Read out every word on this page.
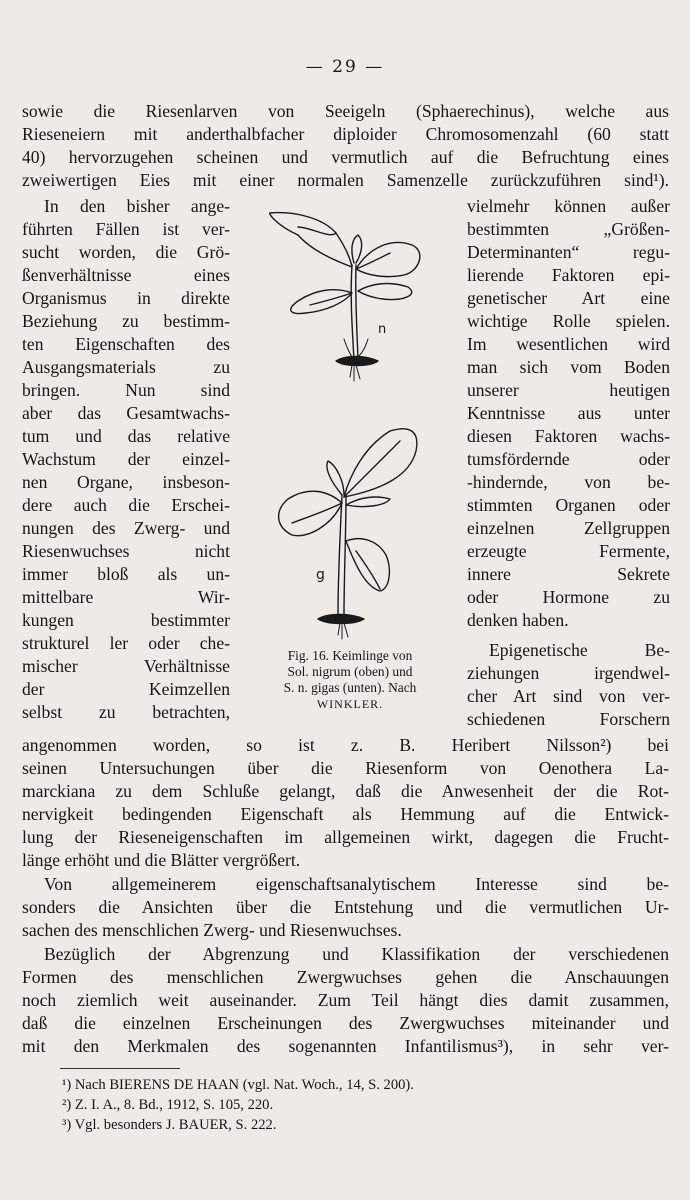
— 29 —
sowie die Riesenlarven von Seeigeln (Sphaerechinus), welche aus
Rieseneiern mit anderthalbfacher diploider Chromosomenzahl (60 statt
40) hervorzugehen scheinen und vermutlich auf die Befruchtung eines
zweiwertigen Eies mit einer normalen Samenzelle zurückzuführen sind¹).
In den bisher ange-
führten Fällen ist ver-
sucht worden, die Grö-
ßenverhältnisse eines
Organismus in direkte
Beziehung zu bestimm-
ten Eigenschaften des
Ausgangsmaterials zu
bringen. Nun sind
aber das Gesamtwachs-
tum und das relative
Wachstum der einzel-
nen Organe, insbeson-
dere auch die Erschei-
nungen des Zwerg- und
Riesenwuchses nicht
immer bloß als un-
mittelbare Wir-
kungen bestimmter
strukturel ler oder che-
mischer Verhältnisse
der Keimzellen
selbst zu betrachten,
vielmehr können außer
bestimmten „Größen-
Determinanten“ regu-
lierende Faktoren epi-
genetischer Art eine
wichtige Rolle spielen.
Im wesentlichen wird
man sich vom Boden
unserer heutigen
Kenntnisse aus unter
diesen Faktoren wachs-
tumsfördernde oder
-hindernde, von be-
stimmten Organen oder
einzelnen Zellgruppen
erzeugte Fermente,
innere Sekrete
oder Hormone zu
denken haben.
Epigenetische Be-
ziehungen irgendwel-
cher Art sind von ver-
schiedenen Forschern
n
g
Fig. 16. Keimlinge von
Sol. nigrum (oben) und
S. n. gigas (unten). Nach
WINKLER.
angenommen worden, so ist z. B. Heribert Nilsson²) bei
seinen Untersuchungen über die Riesenform von Oenothera La-
marckiana zu dem Schluße gelangt, daß die Anwesenheit der die Rot-
nervigkeit bedingenden Eigenschaft als Hemmung auf die Entwick-
lung der Rieseneigenschaften im allgemeinen wirkt, dagegen die Frucht-
länge erhöht und die Blätter vergrößert.
Von allgemeinerem eigenschaftsanalytischem Interesse sind be-
sonders die Ansichten über die Entstehung und die vermutlichen Ur-
sachen des menschlichen Zwerg- und Riesenwuchses.
Bezüglich der Abgrenzung und Klassifikation der verschiedenen
Formen des menschlichen Zwergwuchses gehen die Anschauungen
noch ziemlich weit auseinander. Zum Teil hängt dies damit zusammen,
daß die einzelnen Erscheinungen des Zwergwuchses miteinander und
mit den Merkmalen des sogenannten Infantilismus³), in sehr ver-
¹) Nach BIERENS DE HAAN (vgl. Nat. Woch., 14, S. 200).
²) Z. I. A., 8. Bd., 1912, S. 105, 220.
³) Vgl. besonders J. BAUER, S. 222.
